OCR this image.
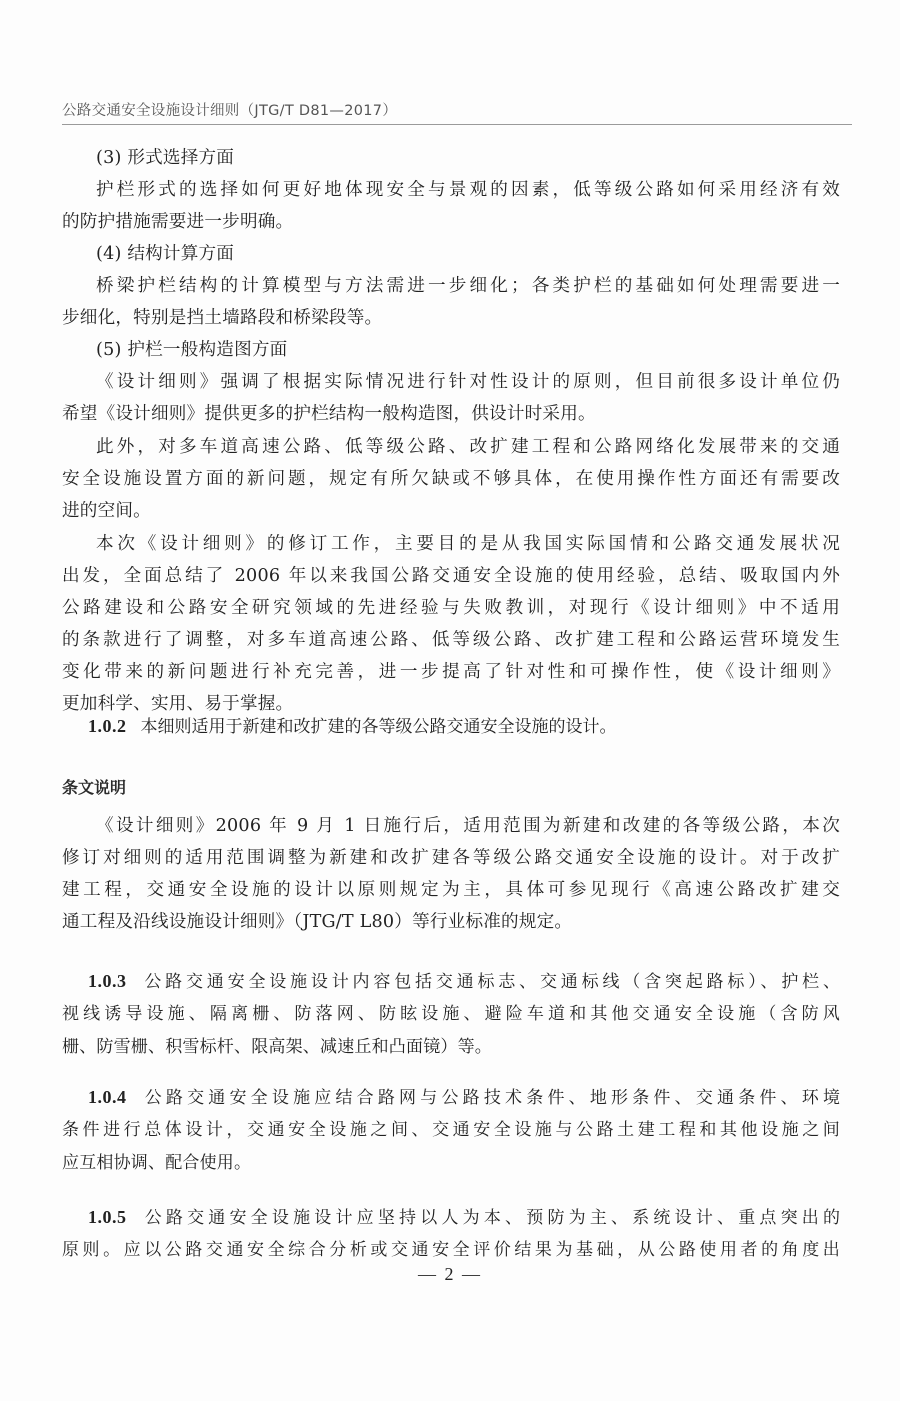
公路交通安全设施设计细则（JTG/T D81—2017）
(3) 形式选择方面
护栏形式的选择如何更好地体现安全与景观的因素，低等级公路如何采用经济有效
的防护措施需要进一步明确。
(4) 结构计算方面
桥梁护栏结构的计算模型与方法需进一步细化；各类护栏的基础如何处理需要进一
步细化，特别是挡土墙路段和桥梁段等。
(5) 护栏一般构造图方面
《设计细则》强调了根据实际情况进行针对性设计的原则，但目前很多设计单位仍
希望《设计细则》提供更多的护栏结构一般构造图，供设计时采用。
此外，对多车道高速公路、低等级公路、改扩建工程和公路网络化发展带来的交通
安全设施设置方面的新问题，规定有所欠缺或不够具体，在使用操作性方面还有需要改
进的空间。
本次《设计细则》的修订工作，主要目的是从我国实际国情和公路交通发展状况
出发，全面总结了 2006 年以来我国公路交通安全设施的使用经验，总结、吸取国内外
公路建设和公路安全研究领域的先进经验与失败教训，对现行《设计细则》中不适用
的条款进行了调整，对多车道高速公路、低等级公路、改扩建工程和公路运营环境发生
变化带来的新问题进行补充完善，进一步提高了针对性和可操作性，使《设计细则》
更加科学、实用、易于掌握。
1.0.2 本细则适用于新建和改扩建的各等级公路交通安全设施的设计。
条文说明
《设计细则》2006 年 9 月 1 日施行后，适用范围为新建和改建的各等级公路，本次
修订对细则的适用范围调整为新建和改扩建各等级公路交通安全设施的设计。对于改扩
建工程，交通安全设施的设计以原则规定为主，具体可参见现行《高速公路改扩建交
通工程及沿线设施设计细则》（JTG/T L80）等行业标准的规定。
1.0.3 公路交通安全设施设计内容包括交通标志、交通标线（含突起路标）、护栏、
视线诱导设施、隔离栅、防落网、防眩设施、避险车道和其他交通安全设施（含防风
栅、防雪栅、积雪标杆、限高架、减速丘和凸面镜）等。
1.0.4 公路交通安全设施应结合路网与公路技术条件、地形条件、交通条件、环境
条件进行总体设计，交通安全设施之间、交通安全设施与公路土建工程和其他设施之间
应互相协调、配合使用。
1.0.5 公路交通安全设施设计应坚持以人为本、预防为主、系统设计、重点突出的
原则。应以公路交通安全综合分析或交通安全评价结果为基础，从公路使用者的角度出
— 2 —
